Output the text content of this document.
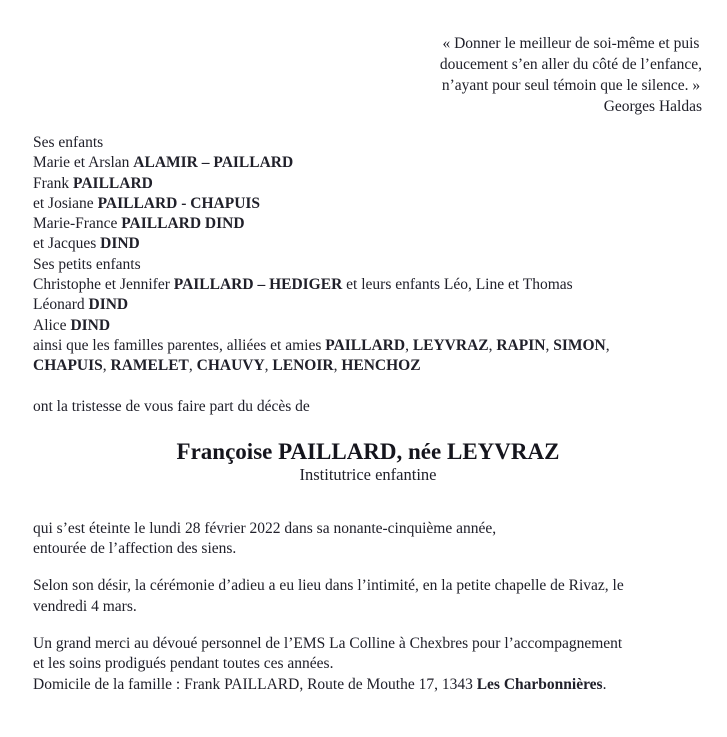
« Donner le meilleur de soi-même et puis
doucement s’en aller du côté de l’enfance,
n’ayant pour seul témoin que le silence. »
Georges Haldas
Ses enfants
Marie et Arslan ALAMIR – PAILLARD
Frank PAILLARD
et Josiane PAILLARD - CHAPUIS
Marie-France PAILLARD DIND
et Jacques DIND
Ses petits enfants
Christophe et Jennifer PAILLARD – HEDIGER et leurs enfants Léo, Line et Thomas
Léonard DIND
Alice DIND
ainsi que les familles parentes, alliées et amies PAILLARD, LEYVRAZ, RAPIN, SIMON,
CHAPUIS, RAMELET, CHAUVY, LENOIR, HENCHOZ
ont la tristesse de vous faire part du décès de
Françoise PAILLARD, née LEYVRAZ
Institutrice enfantine
qui s’est éteinte le lundi 28 février 2022 dans sa nonante-cinquième année,
entourée de l’affection des siens.
Selon son désir, la cérémonie d’adieu a eu lieu dans l’intimité, en la petite chapelle de Rivaz, le
vendredi 4 mars.
Un grand merci au dévoué personnel de l’EMS La Colline à Chexbres pour l’accompagnement
et les soins prodigués pendant toutes ces années.
Domicile de la famille : Frank PAILLARD, Route de Mouthe 17, 1343 Les Charbonnières.
